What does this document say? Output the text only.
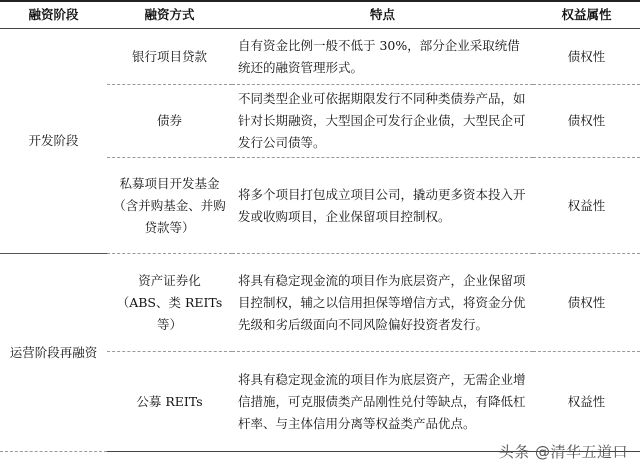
融资阶段	融资方式	特点	权益属性
开发阶段	银行项目贷款	自有资金比例一般不低于 30%，部分企业采取统借统还的融资管理形式。	债权性
	债券	不同类型企业可依据期限发行不同种类债券产品，如针对长期融资，大型国企可发行企业债，大型民企可发行公司债等。	债权性
	私募项目开发基金（含并购基金、并购贷款等）	将多个项目打包成立项目公司，撬动更多资本投入开发或收购项目，企业保留项目控制权。	权益性
运营阶段再融资	资产证券化（ABS、类 REITs 等）	将具有稳定现金流的项目作为底层资产，企业保留项目控制权，辅之以信用担保等增信方式，将资金分优先级和劣后级面向不同风险偏好投资者发行。	债权性
	公募 REITs	将具有稳定现金流的项目作为底层资产，无需企业增信措施，可克服债类产品刚性兑付等缺点，有降低杠杆率、与主体信用分离等权益类产品优点。	权益性
头条 @清华五道口
